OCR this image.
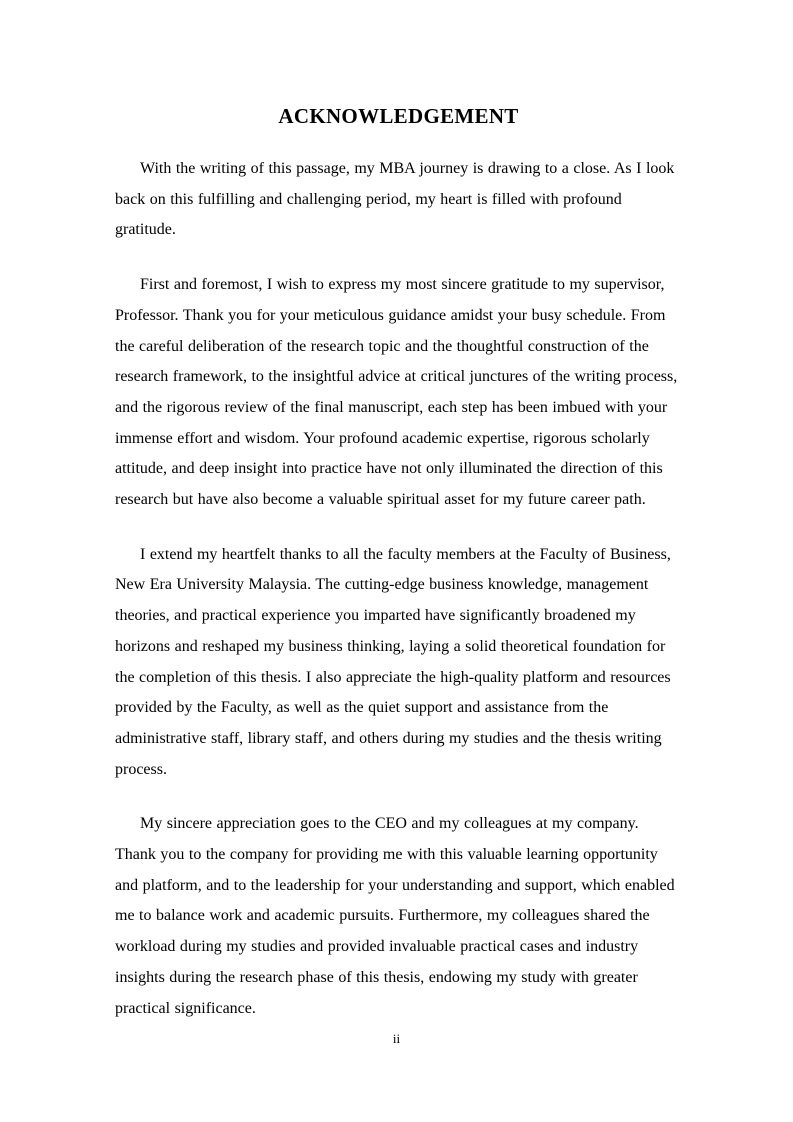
ACKNOWLEDGEMENT

With the writing of this passage, my MBA journey is drawing to a close. As I look back on this fulfilling and challenging period, my heart is filled with profound gratitude.

First and foremost, I wish to express my most sincere gratitude to my supervisor, Professor. Thank you for your meticulous guidance amidst your busy schedule. From the careful deliberation of the research topic and the thoughtful construction of the research framework, to the insightful advice at critical junctures of the writing process, and the rigorous review of the final manuscript, each step has been imbued with your immense effort and wisdom. Your profound academic expertise, rigorous scholarly attitude, and deep insight into practice have not only illuminated the direction of this research but have also become a valuable spiritual asset for my future career path.

I extend my heartfelt thanks to all the faculty members at the Faculty of Business, New Era University Malaysia. The cutting-edge business knowledge, management theories, and practical experience you imparted have significantly broadened my horizons and reshaped my business thinking, laying a solid theoretical foundation for the completion of this thesis. I also appreciate the high-quality platform and resources provided by the Faculty, as well as the quiet support and assistance from the administrative staff, library staff, and others during my studies and the thesis writing process.

My sincere appreciation goes to the CEO and my colleagues at my company. Thank you to the company for providing me with this valuable learning opportunity and platform, and to the leadership for your understanding and support, which enabled me to balance work and academic pursuits. Furthermore, my colleagues shared the workload during my studies and provided invaluable practical cases and industry insights during the research phase of this thesis, endowing my study with greater practical significance.

ii
